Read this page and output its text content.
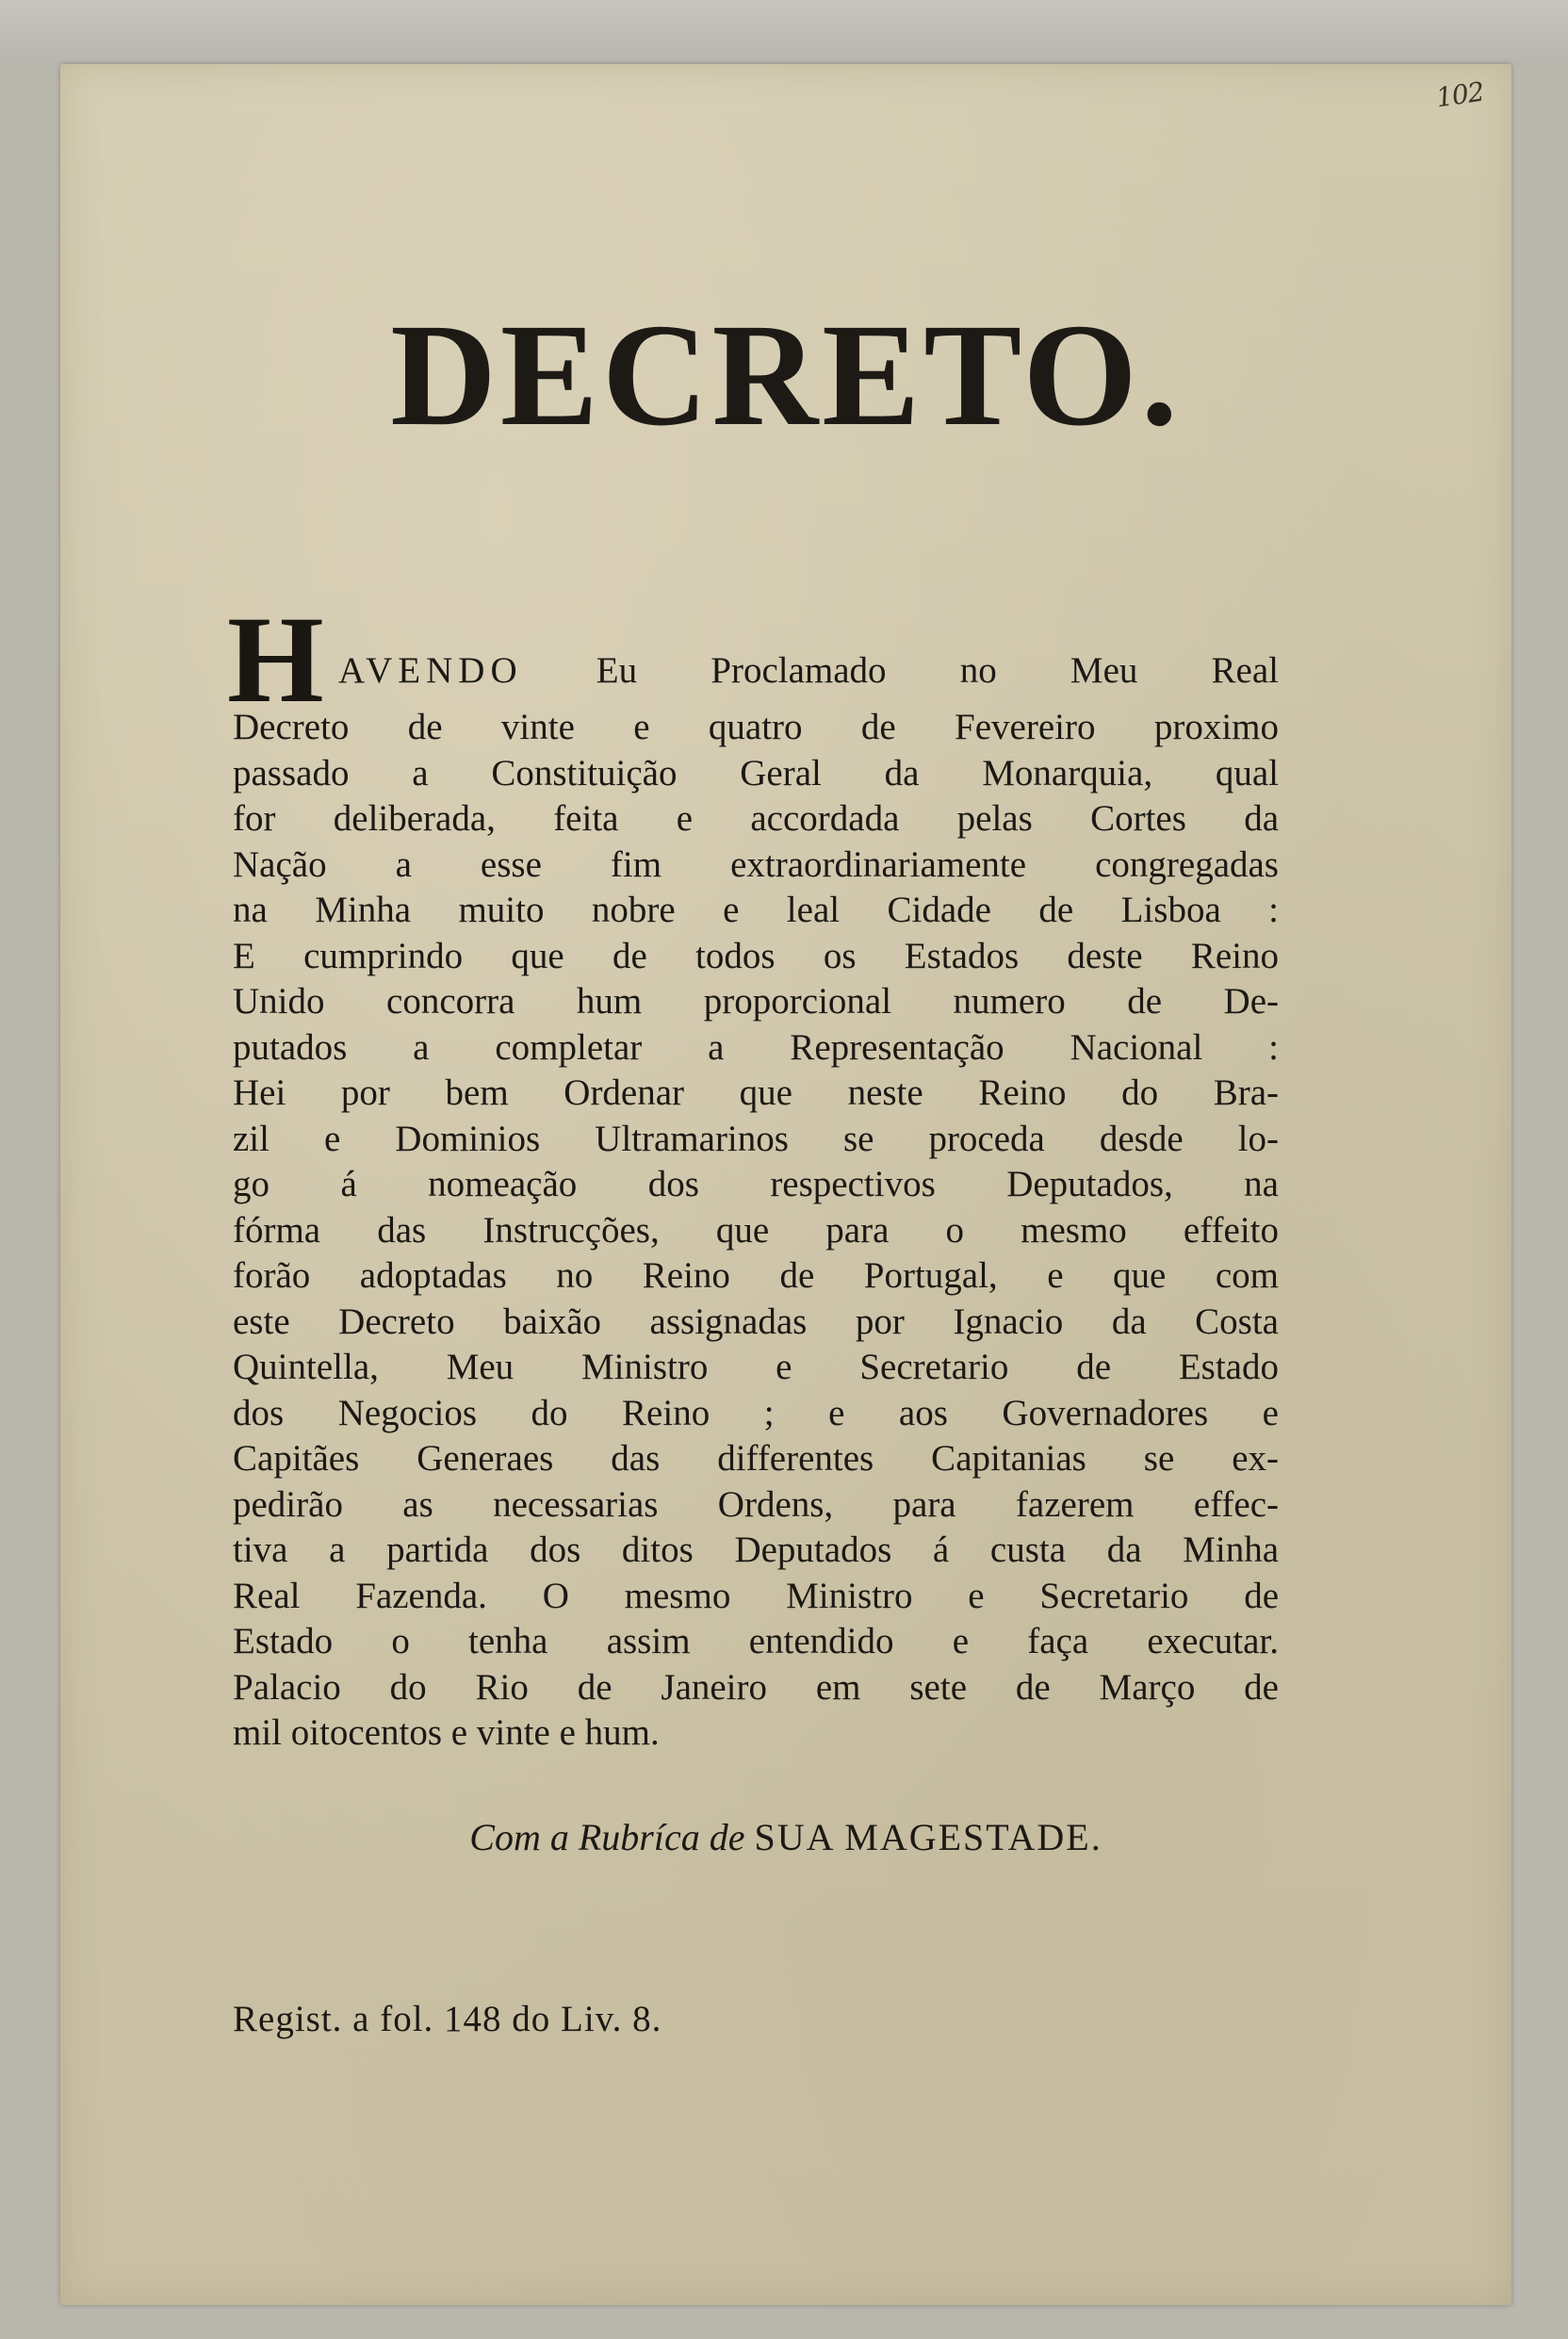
102
DECRETO.
H AVENDO Eu Proclamado no Meu Real
Decreto de vinte e quatro de Fevereiro proximo
passado a Constituição Geral da Monarquia, qual
for deliberada, feita e accordada pelas Cortes da
Nação a esse fim extraordinariamente congregadas
na Minha muito nobre e leal Cidade de Lisboa :
E cumprindo que de todos os Estados deste Reino
Unido concorra hum proporcional numero de De-
putados a completar a Representação Nacional :
Hei por bem Ordenar que neste Reino do Bra-
zil e Dominios Ultramarinos se proceda desde lo-
go á nomeação dos respectivos Deputados, na
fórma das Instrucções, que para o mesmo effeito
forão adoptadas no Reino de Portugal, e que com
este Decreto baixão assignadas por Ignacio da Costa
Quintella, Meu Ministro e Secretario de Estado
dos Negocios do Reino ; e aos Governadores e
Capitães Generaes das differentes Capitanias se ex-
pedirão as necessarias Ordens, para fazerem effec-
tiva a partida dos ditos Deputados á custa da Minha
Real Fazenda. O mesmo Ministro e Secretario de
Estado o tenha assim entendido e faça executar.
Palacio do Rio de Janeiro em sete de Março de
mil oitocentos e vinte e hum.
Com a Rubríca de SUA MAGESTADE.
Regist. a fol. 148 do Liv. 8.
